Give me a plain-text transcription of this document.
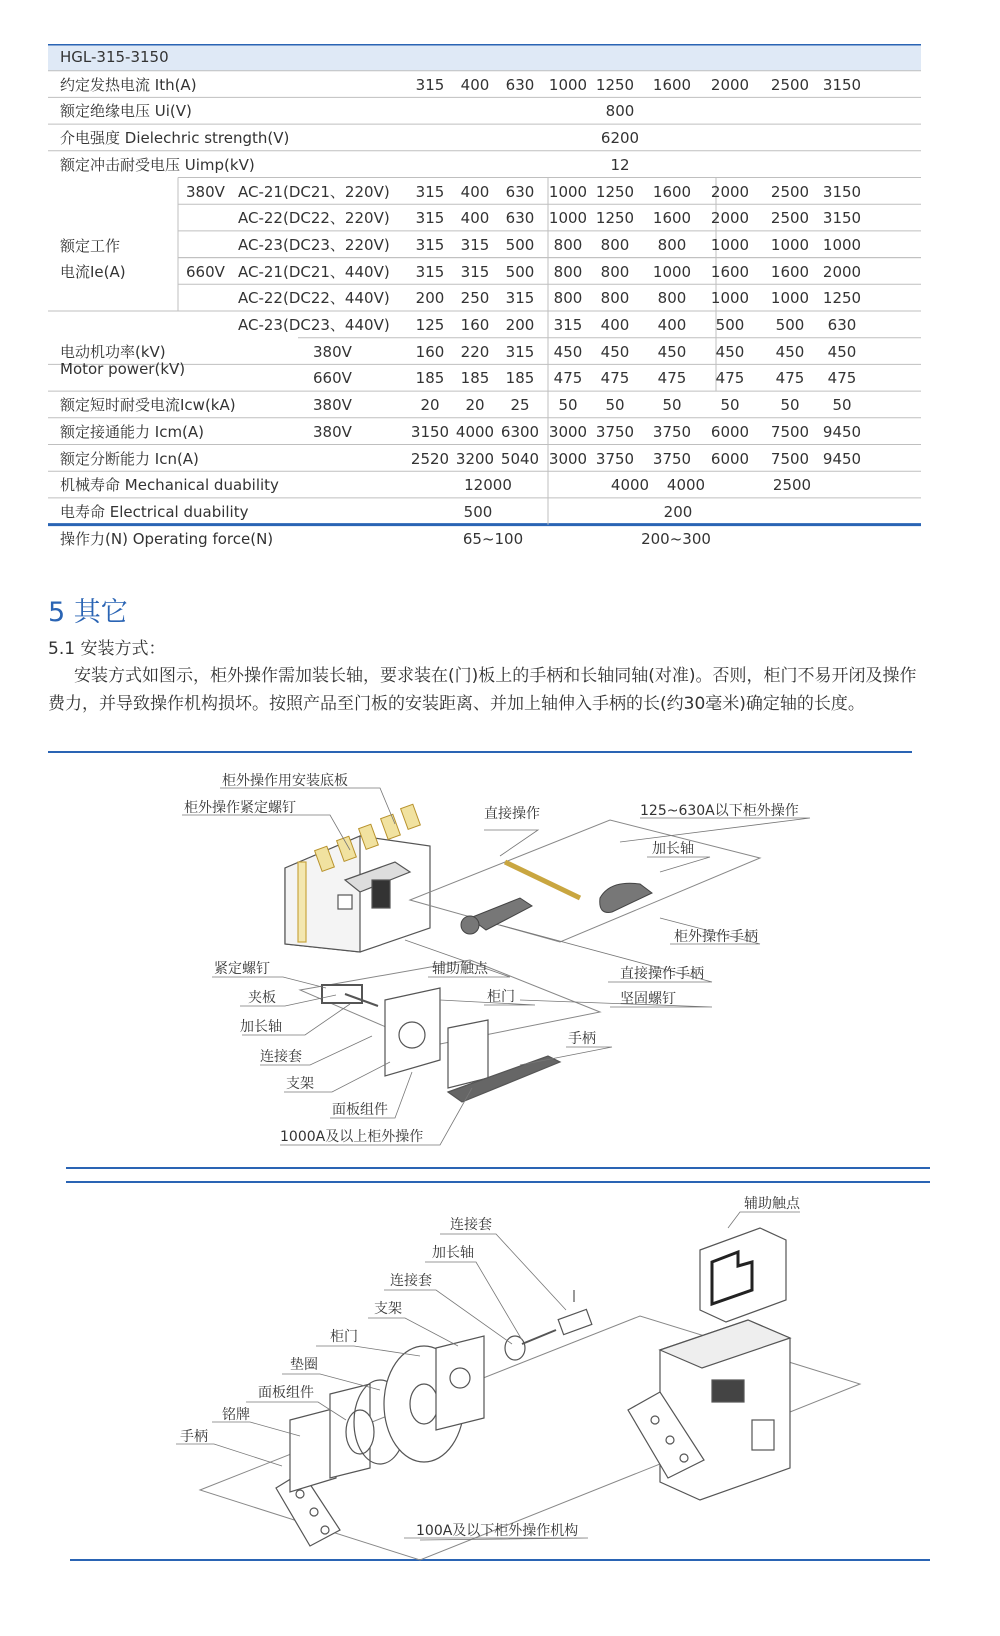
HGL-315-3150
约定发热电流 Ith(A)	315 400 630 1000 1250 1600 2000 2500 3150
额定绝缘电压 Ui(V)	800
介电强度 Dielechric strength(V)	6200
额定冲击耐受电压 Uimp(kV)	12
额定工作
电流Ie(A)
380V AC-21(DC21、220V) 315 400 630 1000 1250 1600 2000 2500 3150
AC-22(DC22、220V) 315 400 630 1000 1250 1600 2000 2500 3150
AC-23(DC23、220V) 315 315 500 800 800 800 1000 1000 1000
660V AC-21(DC21、440V) 315 315 500 800 800 1000 1600 1600 2000
AC-22(DC22、440V) 200 250 315 800 800 800 1000 1000 1250
AC-23(DC23、440V) 125 160 200 315 400 400 500 500 630
电动机功率(kV)
Motor power(kV)
380V	160 220 315 450 450 450 450 450 450
660V	185 185 185 475 475 475 475 475 475
额定短时耐受电流Icw(kA)	380V	20 20 25 50 50	50	50	50 50
额定接通能力 Icm(A)	380V	3150 4000 6300 3000 3750 3750 6000 7500 9450
额定分断能力 Icn(A)	2520 3200 5040 3000 3750 3750 6000 7500 9450
机械寿命 Mechanical duability	12000	4000 4000	2500
电寿命 Electrical duability	500	200
操作力(N) Operating force(N)	65~100	200~300
5 其它
5.1 安装方式：
安装方式如图示，柜外操作需加装长轴，要求装在(门)板上的手柄和长轴同轴(对准)。否则，柜门不易开闭及操作费力，并导致操作机构损坏。按照产品至门板的安装距离、并加上轴伸入手柄的长(约30毫米)确定轴的长度。
柜外操作用安装底板
柜外操作紧定螺钉	直接操作	125~630A以下柜外操作
加长轴
柜外操作手柄
紧定螺钉	辅助触点	直接操作手柄
夹板	柜门	坚固螺钉
加长轴
手柄
连接套
支架
面板组件
1000A及以上柜外操作
辅助触点
连接套
加长轴
连接套
支架
柜门
垫圈
面板组件
铭牌
手柄
100A及以下柜外操作机构
